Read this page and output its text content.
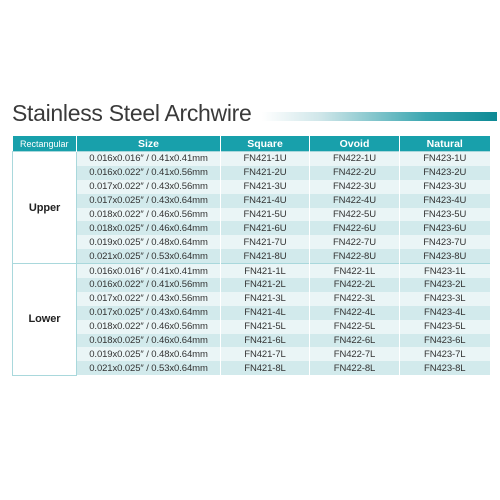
Stainless Steel Archwire
Rectangular	Size	Square	Ovoid	Natural
Upper	0.016x0.016″ / 0.41x0.41mm	FN421-1U	FN422-1U	FN423-1U
	0.016x0.022″ / 0.41x0.56mm	FN421-2U	FN422-2U	FN423-2U
	0.017x0.022″ / 0.43x0.56mm	FN421-3U	FN422-3U	FN423-3U
	0.017x0.025″ / 0.43x0.64mm	FN421-4U	FN422-4U	FN423-4U
	0.018x0.022″ / 0.46x0.56mm	FN421-5U	FN422-5U	FN423-5U
	0.018x0.025″ / 0.46x0.64mm	FN421-6U	FN422-6U	FN423-6U
	0.019x0.025″ / 0.48x0.64mm	FN421-7U	FN422-7U	FN423-7U
	0.021x0.025″ / 0.53x0.64mm	FN421-8U	FN422-8U	FN423-8U
Lower	0.016x0.016″ / 0.41x0.41mm	FN421-1L	FN422-1L	FN423-1L
	0.016x0.022″ / 0.41x0.56mm	FN421-2L	FN422-2L	FN423-2L
	0.017x0.022″ / 0.43x0.56mm	FN421-3L	FN422-3L	FN423-3L
	0.017x0.025″ / 0.43x0.64mm	FN421-4L	FN422-4L	FN423-4L
	0.018x0.022″ / 0.46x0.56mm	FN421-5L	FN422-5L	FN423-5L
	0.018x0.025″ / 0.46x0.64mm	FN421-6L	FN422-6L	FN423-6L
	0.019x0.025″ / 0.48x0.64mm	FN421-7L	FN422-7L	FN423-7L
	0.021x0.025″ / 0.53x0.64mm	FN421-8L	FN422-8L	FN423-8L
